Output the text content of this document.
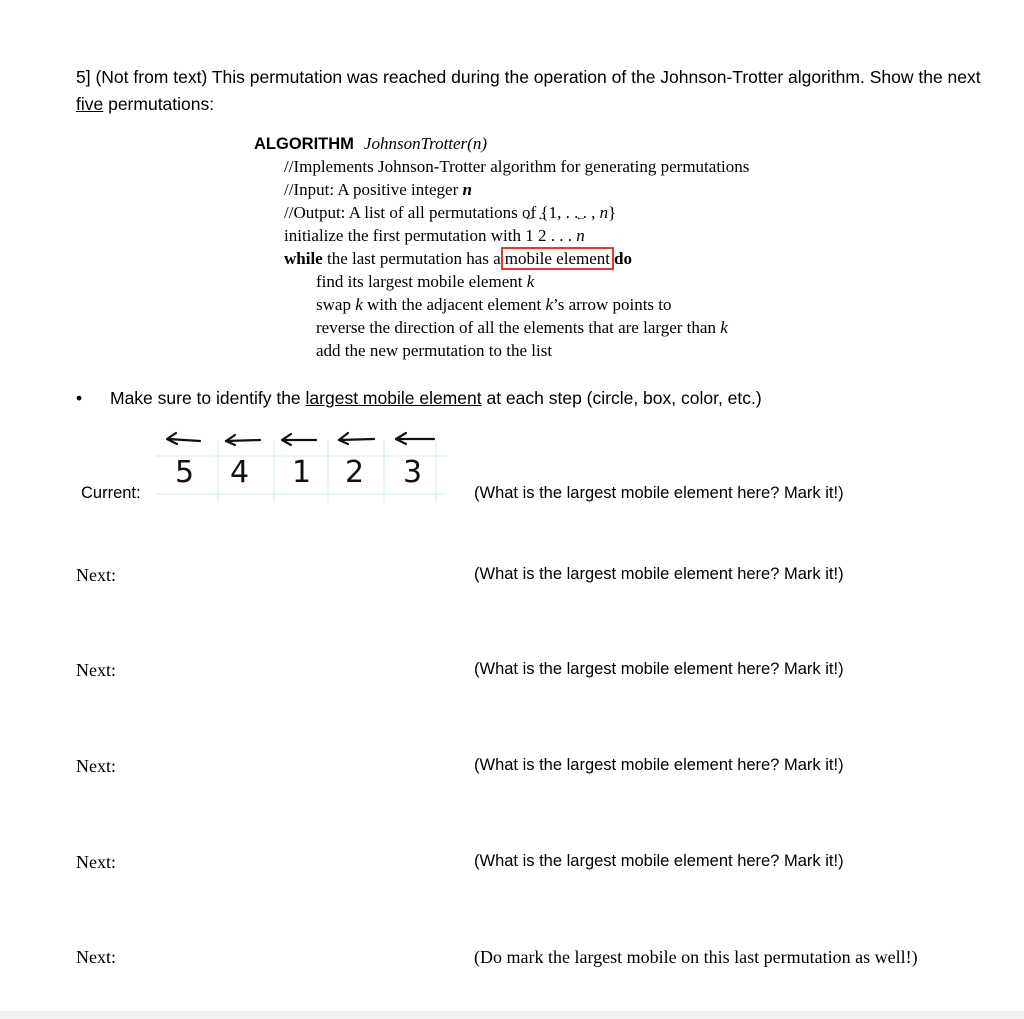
5] (Not from text) This permutation was reached during the operation of the Johnson-Trotter algorithm. Show the next five permutations:
ALGORITHM JohnsonTrotter(n)
//Implements Johnson-Trotter algorithm for generating permutations
//Input: A positive integer n
//Output: A list of all permutations of {1, . . . , n}
initialize the first permutation with ← 1 ← 2 . . . ← n
while the last permutation has a mobile element do
find its largest mobile element k
swap k with the adjacent element k’s arrow points to
reverse the direction of all the elements that are larger than k
add the new permutation to the list
• Make sure to identify the largest mobile element at each step (circle, box, color, etc.)
5 4 1 2 3
Current:	(What is the largest mobile element here? Mark it!)
Next:	(What is the largest mobile element here? Mark it!)
Next:	(What is the largest mobile element here? Mark it!)
Next:	(What is the largest mobile element here? Mark it!)
Next:	(What is the largest mobile element here? Mark it!)
Next:	(Do mark the largest mobile on this last permutation as well!)
